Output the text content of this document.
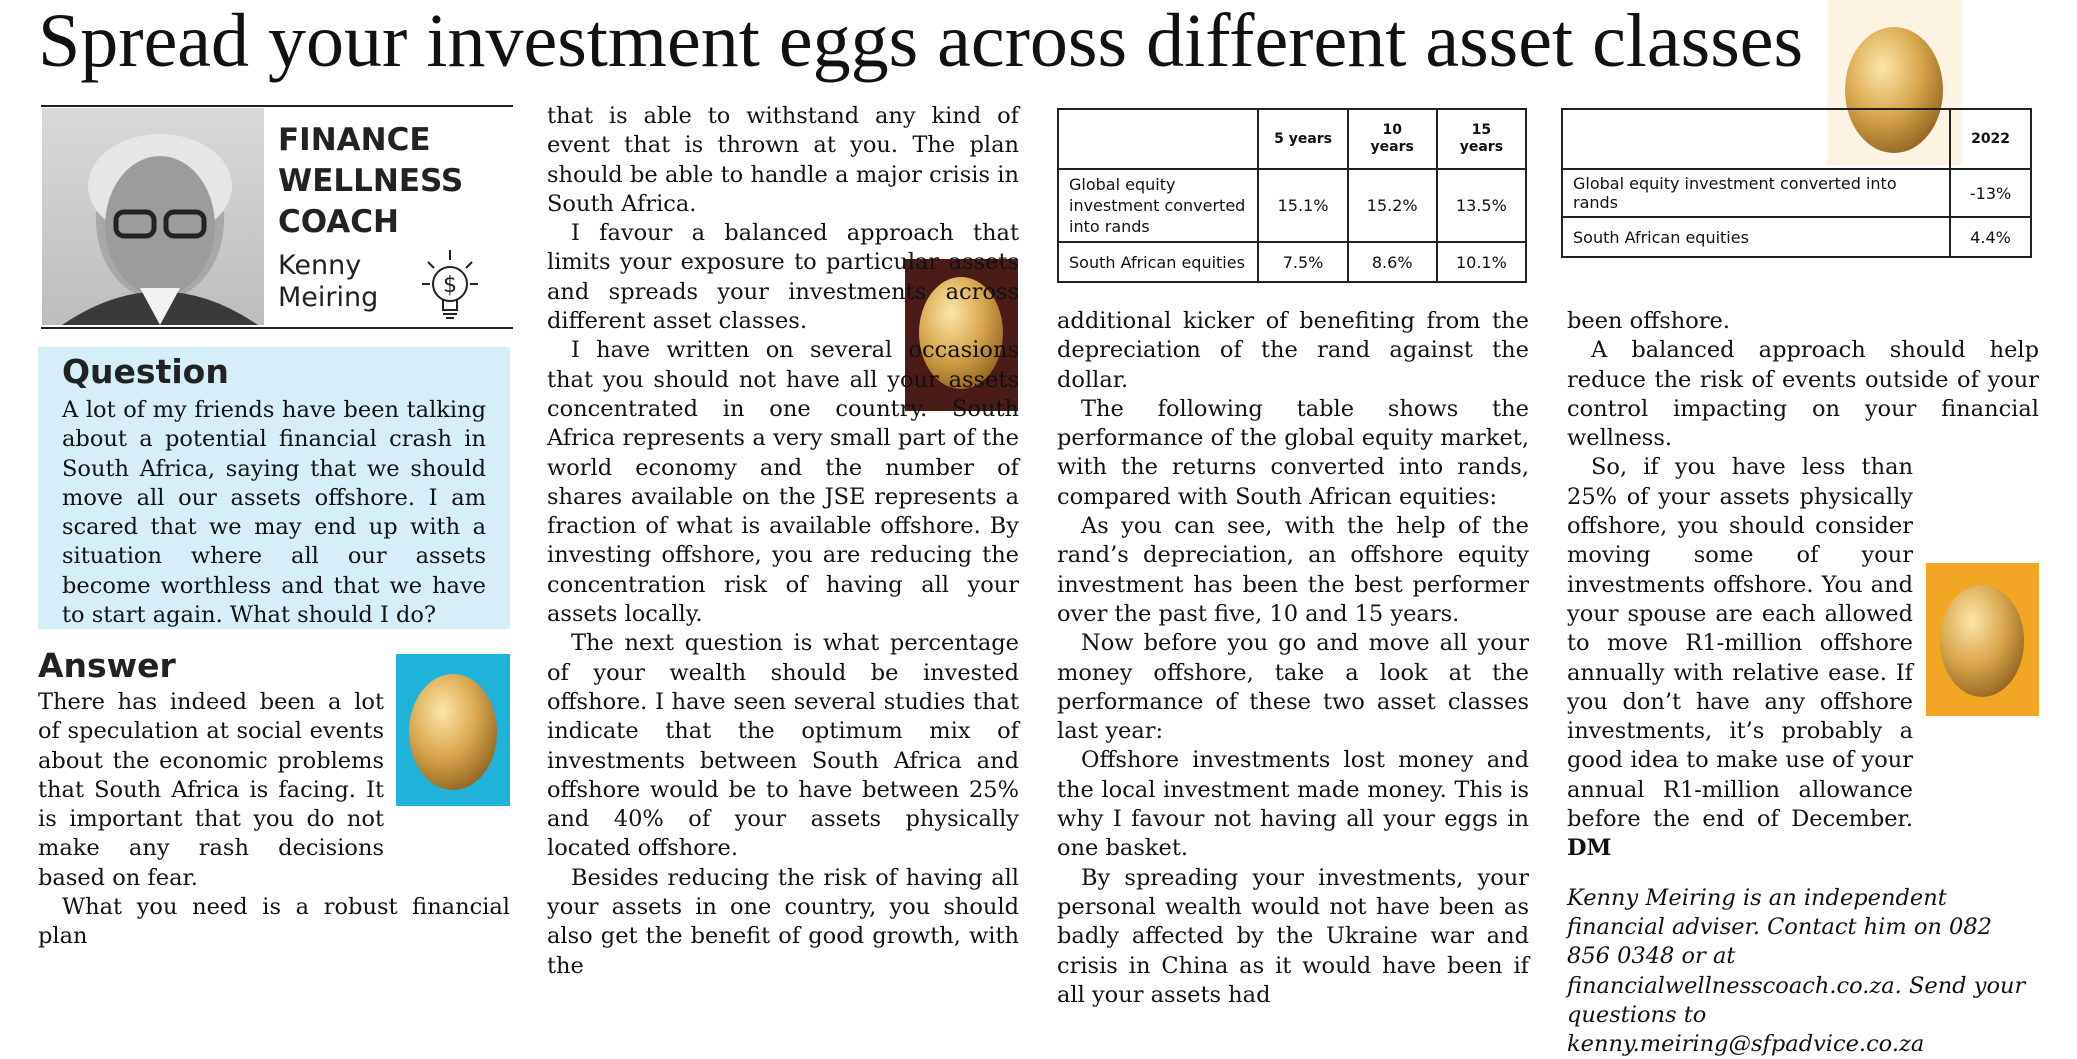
Spread your investment eggs across different asset classes
FINANCE
WELLNESS
COACH
Kenny
Meiring	$
Question
A lot of my friends have been talking about a potential financial crash in South Africa, saying that we should move all our assets offshore. I am scared that we may end up with a situation where all our assets become worthless and that we have to start again. What should I do?
Answer

There has indeed been a lot of speculation at social events about the economic problems that South Africa is facing. It is important that you do not make any rash decisions based on fear.

What you need is a robust financial plan

that is able to withstand any kind of event that is thrown at you. The plan should be able to handle a major crisis in South Africa.

I favour a balanced approach that limits your exposure to particular assets and spreads your investments across different asset classes.

I have written on several occasions that you should not have all your assets concentrated in one country. South Africa represents a very small part of the world economy and the number of shares available on the JSE represents a fraction of what is available offshore. By investing offshore, you are reducing the concentration risk of having all your assets locally.

The next question is what percentage of your wealth should be invested offshore. I have seen several studies that indicate that the optimum mix of investments between South Africa and offshore would be to have between 25% and 40% of your assets physically located offshore.

Besides reducing the risk of having all your assets in one country, you should also get the benefit of good growth, with the

	5 years	10 years	15 years
Global equity investment converted into rands	15.1%	15.2%	13.5%
South African equities	7.5%	8.6%	10.1%

additional kicker of benefiting from the depreciation of the rand against the dollar.

The following table shows the performance of the global equity market, with the returns converted into rands, compared with South African equities:

As you can see, with the help of the rand’s depreciation, an offshore equity investment has been the best performer over the past five, 10 and 15 years.

Now before you go and move all your money offshore, take a look at the performance of these two asset classes last year:

Offshore investments lost money and the local investment made money. This is why I favour not having all your eggs in one basket.

By spreading your investments, your personal wealth would not have been as badly affected by the Ukraine war and crisis in China as it would have been if all your assets had

	2022
Global equity investment converted into rands	-13%
South African equities	4.4%

been offshore.

A balanced approach should help reduce the risk of events outside of your control impacting on your financial wellness.

So, if you have less than 25% of your assets physically offshore, you should consider moving some of your investments offshore. You and your spouse are each allowed to move R1-million offshore annually with relative ease. If you don’t have any offshore investments, it’s probably a good idea to make use of your annual R1-million allowance before the end of December. DM

Kenny Meiring is an independent financial adviser. Contact him on 082 856 0348 or at financialwellnesscoach.co.za. Send your questions to kenny.meiring@sfpadvice.co.za
